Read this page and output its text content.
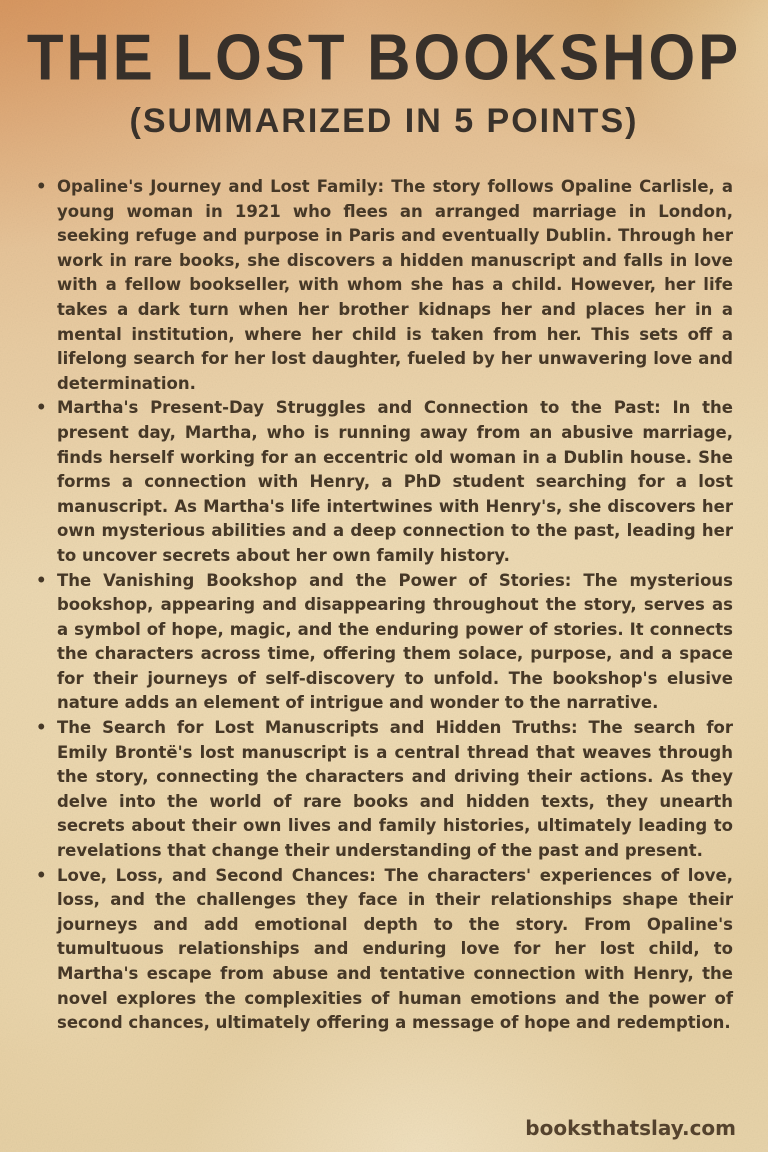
THE LOST BOOKSHOP
(SUMMARIZED IN 5 POINTS)
• Opaline's Journey and Lost Family: The story follows Opaline Carlisle, a young woman in 1921 who flees an arranged marriage in London, seeking refuge and purpose in Paris and eventually Dublin. Through her work in rare books, she discovers a hidden manuscript and falls in love with a fellow bookseller, with whom she has a child. However, her life takes a dark turn when her brother kidnaps her and places her in a mental institution, where her child is taken from her. This sets off a lifelong search for her lost daughter, fueled by her unwavering love and determination.
• Martha's Present-Day Struggles and Connection to the Past: In the present day, Martha, who is running away from an abusive marriage, finds herself working for an eccentric old woman in a Dublin house. She forms a connection with Henry, a PhD student searching for a lost manuscript. As Martha's life intertwines with Henry's, she discovers her own mysterious abilities and a deep connection to the past, leading her to uncover secrets about her own family history.
• The Vanishing Bookshop and the Power of Stories: The mysterious bookshop, appearing and disappearing throughout the story, serves as a symbol of hope, magic, and the enduring power of stories. It connects the characters across time, offering them solace, purpose, and a space for their journeys of self-discovery to unfold. The bookshop's elusive nature adds an element of intrigue and wonder to the narrative.
• The Search for Lost Manuscripts and Hidden Truths: The search for Emily Brontë's lost manuscript is a central thread that weaves through the story, connecting the characters and driving their actions. As they delve into the world of rare books and hidden texts, they unearth secrets about their own lives and family histories, ultimately leading to revelations that change their understanding of the past and present.
• Love, Loss, and Second Chances: The characters' experiences of love, loss, and the challenges they face in their relationships shape their journeys and add emotional depth to the story. From Opaline's tumultuous relationships and enduring love for her lost child, to Martha's escape from abuse and tentative connection with Henry, the novel explores the complexities of human emotions and the power of second chances, ultimately offering a message of hope and redemption.
booksthatslay.com
